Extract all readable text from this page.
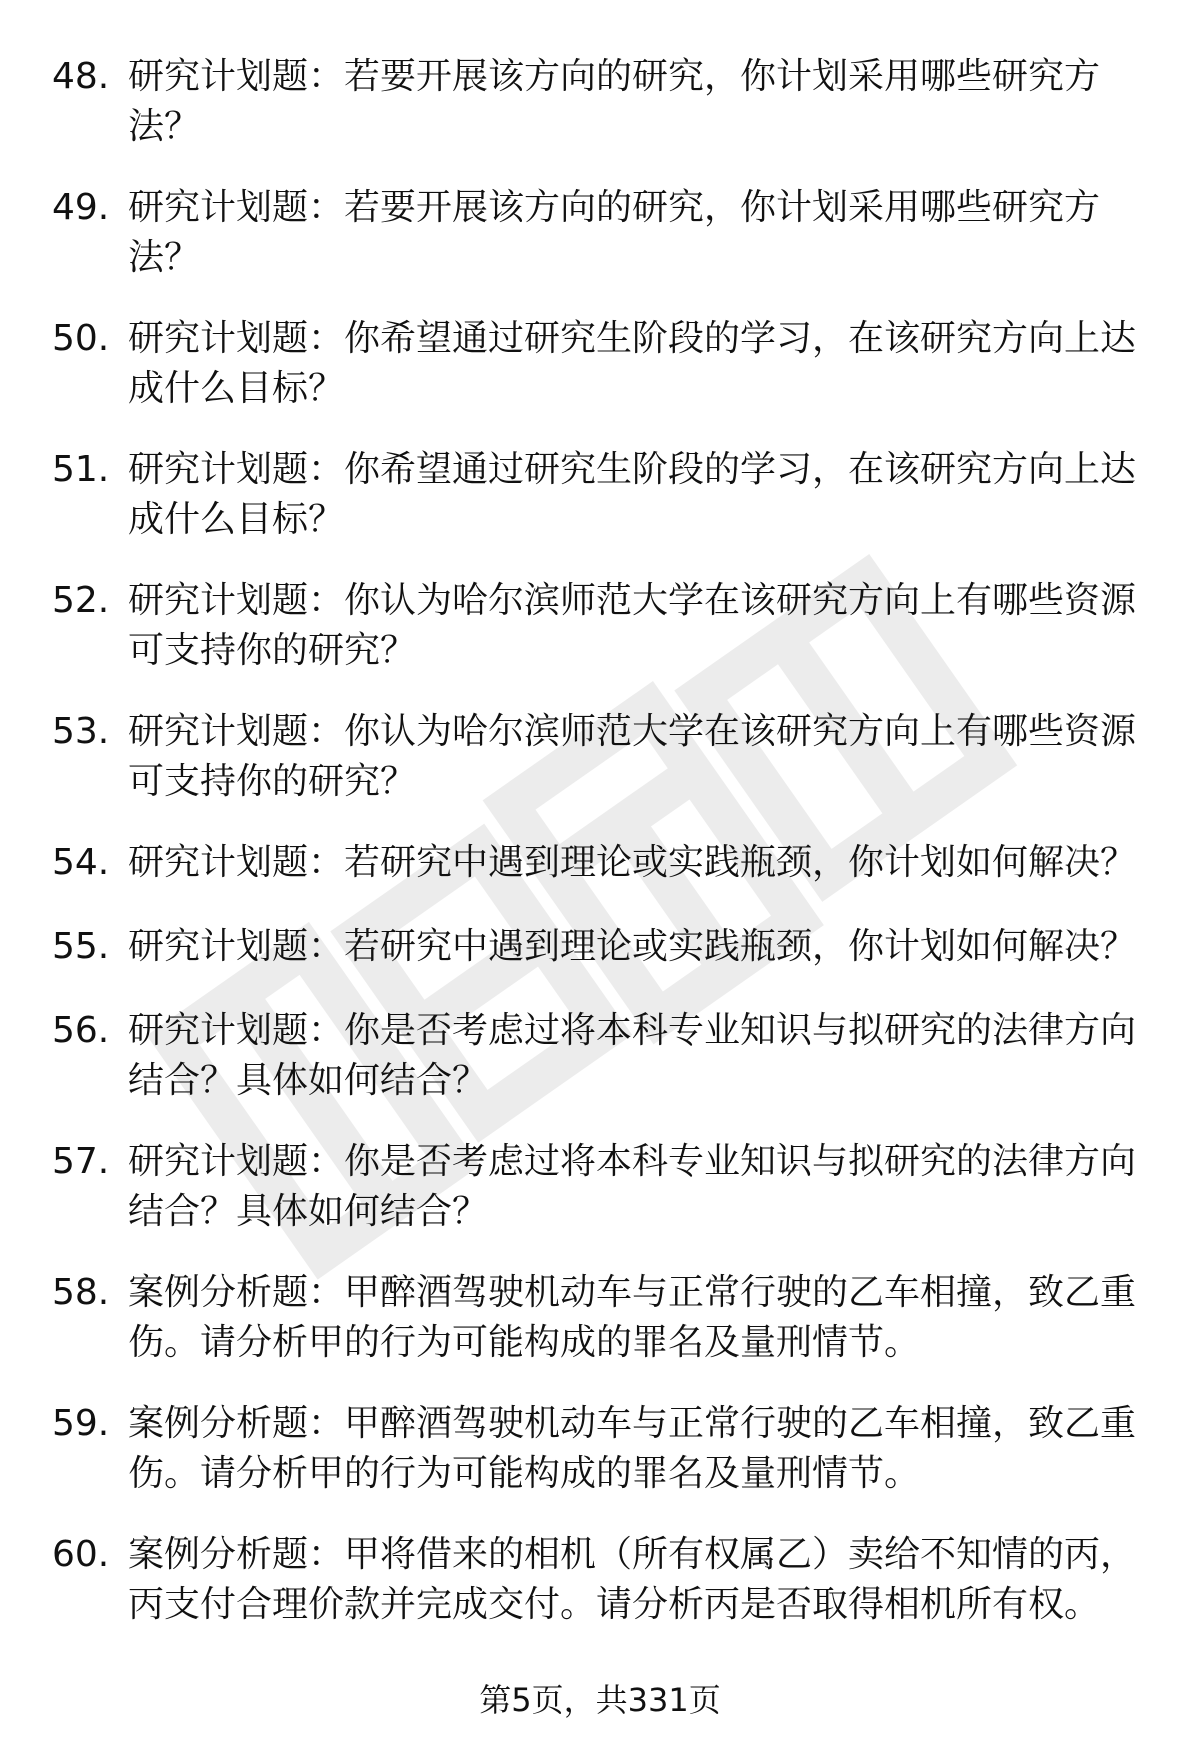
48. 研究计划题：若要开展该方向的研究，你计划采用哪些研究方法？
49. 研究计划题：若要开展该方向的研究，你计划采用哪些研究方法？
50. 研究计划题：你希望通过研究生阶段的学习，在该研究方向上达成什么目标？
51. 研究计划题：你希望通过研究生阶段的学习，在该研究方向上达成什么目标？
52. 研究计划题：你认为哈尔滨师范大学在该研究方向上有哪些资源可支持你的研究？
53. 研究计划题：你认为哈尔滨师范大学在该研究方向上有哪些资源可支持你的研究？
54. 研究计划题：若研究中遇到理论或实践瓶颈，你计划如何解决？
55. 研究计划题：若研究中遇到理论或实践瓶颈，你计划如何解决？
56. 研究计划题：你是否考虑过将本科专业知识与拟研究的法律方向结合？具体如何结合？
57. 研究计划题：你是否考虑过将本科专业知识与拟研究的法律方向结合？具体如何结合？
58. 案例分析题：甲醉酒驾驶机动车与正常行驶的乙车相撞，致乙重伤。请分析甲的行为可能构成的罪名及量刑情节。
59. 案例分析题：甲醉酒驾驶机动车与正常行驶的乙车相撞，致乙重伤。请分析甲的行为可能构成的罪名及量刑情节。
60. 案例分析题：甲将借来的相机（所有权属乙）卖给不知情的丙，丙支付合理价款并完成交付。请分析丙是否取得相机所有权。
第5页，共331页
